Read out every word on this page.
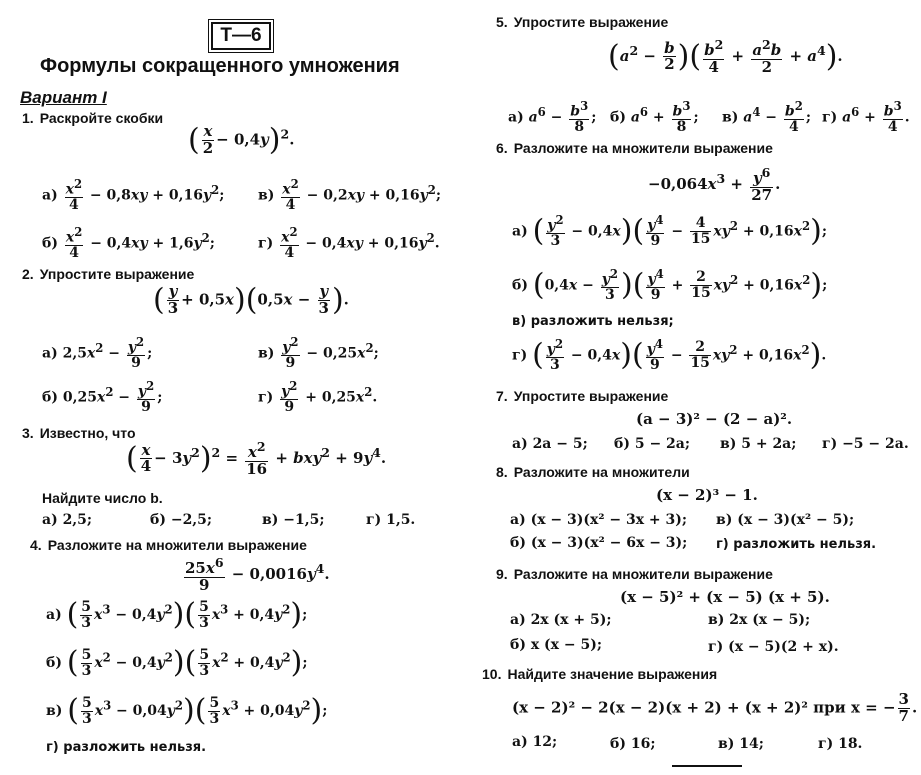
Т—6
Формулы сокращенного умножения
Вариант I
1. Раскройте скобки
( $\frac{x}{2} - 0,4y)^2$.
$а) \frac{x^2}{4} - 0,8xy + 0,16y^2$; $в) \frac{x^2}{4} - 0,2xy + 0,16y^2$;
$б) \frac{x^2}{4} - 0,4xy + 1,6y^2$;	$г) \frac{x^2}{4} - 0,4xy + 0,16y^2$.
2. Упростите выражение
( $\frac{y}{3} + 0,5x)(0,5x - \frac{y}{3}$ ).
а) $2,5x^2 - \frac{y^2}{9}$ ;	$в) \frac{y^2}{9} - 0,25x^2$;
б) $0,25x^2 - \frac{y^2}{9}$ ;	$г) \frac{y^2}{9} + 0,25x^2$.
3. Известно, что
( $\frac{x}{4} - 3y^2)^2 = \frac{x^2}{16} + bxy^2 + 9y^4$.
Найдите число b.
а) 2,5;	б) −2,5;	в) −1,5;	г) 1,5.
4. Разложите на множители выражение
$\frac{25x^6}{9} - 0,0016y^4$.
а) ( $\frac{5}{3} x^3 - 0,4y^2)( \frac{5}{3} x^3 + 0,4y^2)$;
б) ( $\frac{5}{3} x^2 - 0,4y^2)( \frac{5}{3} x^2 + 0,4y^2)$;
в) ( $\frac{5}{3} x^3 - 0,04y^2)( \frac{5}{3} x^3 + 0,04y^2)$;
г) разложить нельзя.
5. Упростите выражение
($a^2 - \frac{b}{2}$ )( $\frac{b^2}{4} + \frac{a^2b}{2} + a^4$).
а) $a^6 - \frac{b^3}{8}$ ; б) $a^6 + \frac{b^3}{8}$ ; в) $a^4 - \frac{b^2}{4}$ ; г) $a^6 + \frac{b^3}{4}$ .
6. Разложите на множители выражение
$-0,064x^3 + \frac{y^6}{27}$ .
а) ( $\frac{y^2}{3} - 0,4x)( \frac{y^4}{9} - \frac{4}{15} xy^2 + 0,16x^2)$;
б) ($0,4x - \frac{y^2}{3}$ )( $\frac{y^4}{9} + \frac{2}{15} xy^2 + 0,16x^2$);
в) разложить нельзя;
г) ( $\frac{y^2}{3} - 0,4x)( \frac{y^4}{9} - \frac{2}{15} xy^2 + 0,16x^2)$.
7. Упростите выражение
(a − 3)² − (2 − a)².
а) 2a − 5; б) 5 − 2a; в) 5 + 2a; г) −5 − 2a.
8. Разложите на множители
(x − 2)³ − 1.
а) (x − 3)(x² − 3x + 3); в) (x − 3)(x² − 5);
б) (x − 3)(x² − 6x − 3); г) разложить нельзя.
9. Разложите на множители выражение
(x − 5)² + (x − 5) (x + 5).
а) 2x (x + 5);	в) 2x (x − 5);
б) x (x − 5);	г) (x − 5)(2 + x).
10. Найдите значение выражения
(x − 2)² − 2(x − 2)(x + 2) + (x + 2)² при x = − $\frac{3}{7}$ .
а) 12;	б) 16;	в) 14;	г) 18.
